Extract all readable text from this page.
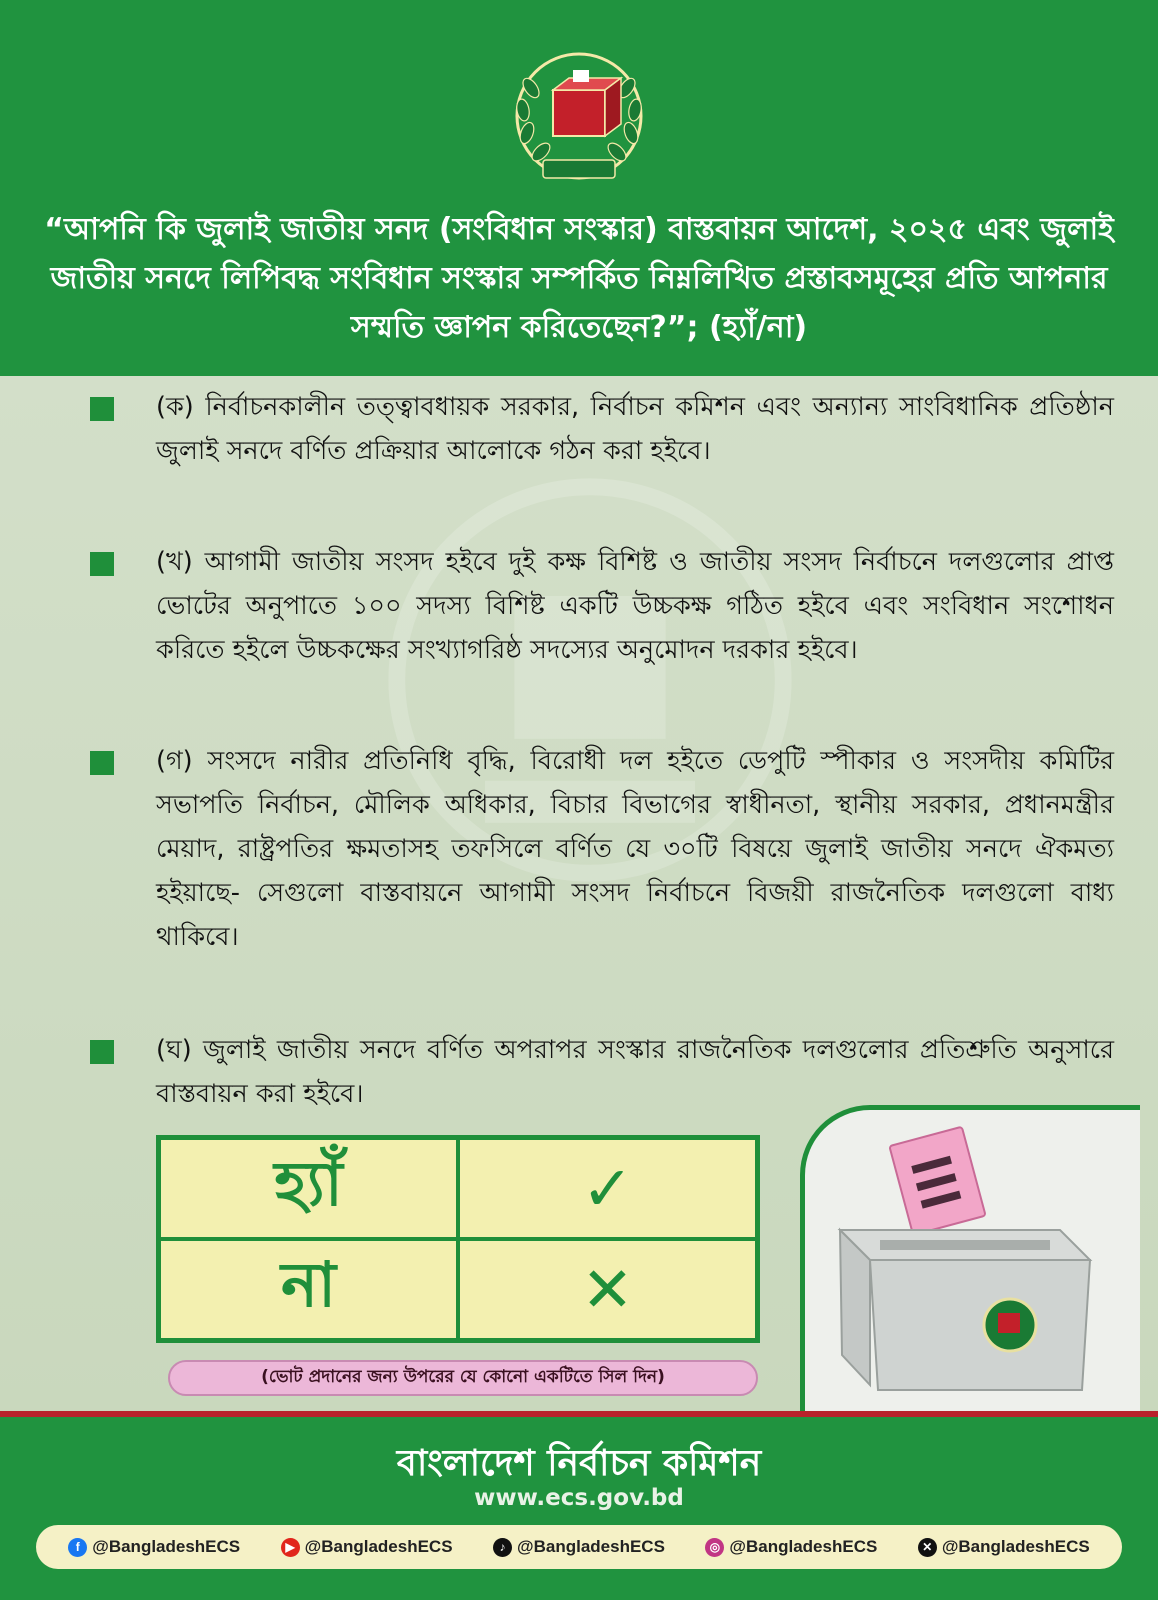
“আপনি কি জুলাই জাতীয় সনদ (সংবিধান সংস্কার) বাস্তবায়ন আদেশ, ২০২৫ এবং জুলাই জাতীয় সনদে লিপিবদ্ধ সংবিধান সংস্কার সম্পর্কিত নিম্নলিখিত প্রস্তাবসমূহের প্রতি আপনার সম্মতি জ্ঞাপন করিতেছেন?”; (হ্যাঁ/না)
(ক) নির্বাচনকালীন তত্ত্বাবধায়ক সরকার, নির্বাচন কমিশন এবং অন্যান্য সাংবিধানিক প্রতিষ্ঠান জুলাই সনদে বর্ণিত প্রক্রিয়ার আলোকে গঠন করা হইবে।
(খ) আগামী জাতীয় সংসদ হইবে দুই কক্ষ বিশিষ্ট ও জাতীয় সংসদ নির্বাচনে দলগুলোর প্রাপ্ত ভোটের অনুপাতে ১০০ সদস্য বিশিষ্ট একটি উচ্চকক্ষ গঠিত হইবে এবং সংবিধান সংশোধন করিতে হইলে উচ্চকক্ষের সংখ্যাগরিষ্ঠ সদস্যের অনুমোদন দরকার হইবে।
(গ) সংসদে নারীর প্রতিনিধি বৃদ্ধি, বিরোধী দল হইতে ডেপুটি স্পীকার ও সংসদীয় কমিটির সভাপতি নির্বাচন, মৌলিক অধিকার, বিচার বিভাগের স্বাধীনতা, স্থানীয় সরকার, প্রধানমন্ত্রীর মেয়াদ, রাষ্ট্রপতির ক্ষমতাসহ তফসিলে বর্ণিত যে ৩০টি বিষয়ে জুলাই জাতীয় সনদে ঐকমত্য হইয়াছে- সেগুলো বাস্তবায়নে আগামী সংসদ নির্বাচনে বিজয়ী রাজনৈতিক দলগুলো বাধ্য থাকিবে।
(ঘ) জুলাই জাতীয় সনদে বর্ণিত অপরাপর সংস্কার রাজনৈতিক দলগুলোর প্রতিশ্রুতি অনুসারে বাস্তবায়ন করা হইবে।
হ্যাঁ	✓
না	✕
(ভোট প্রদানের জন্য উপরের যে কোনো একটিতে সিল দিন)
বাংলাদেশ নির্বাচন কমিশন
www.ecs.gov.bd
f @BangladeshECS	▶ @BangladeshECS	♪ @BangladeshECS	◎ @BangladeshECS	✕ @BangladeshECS
